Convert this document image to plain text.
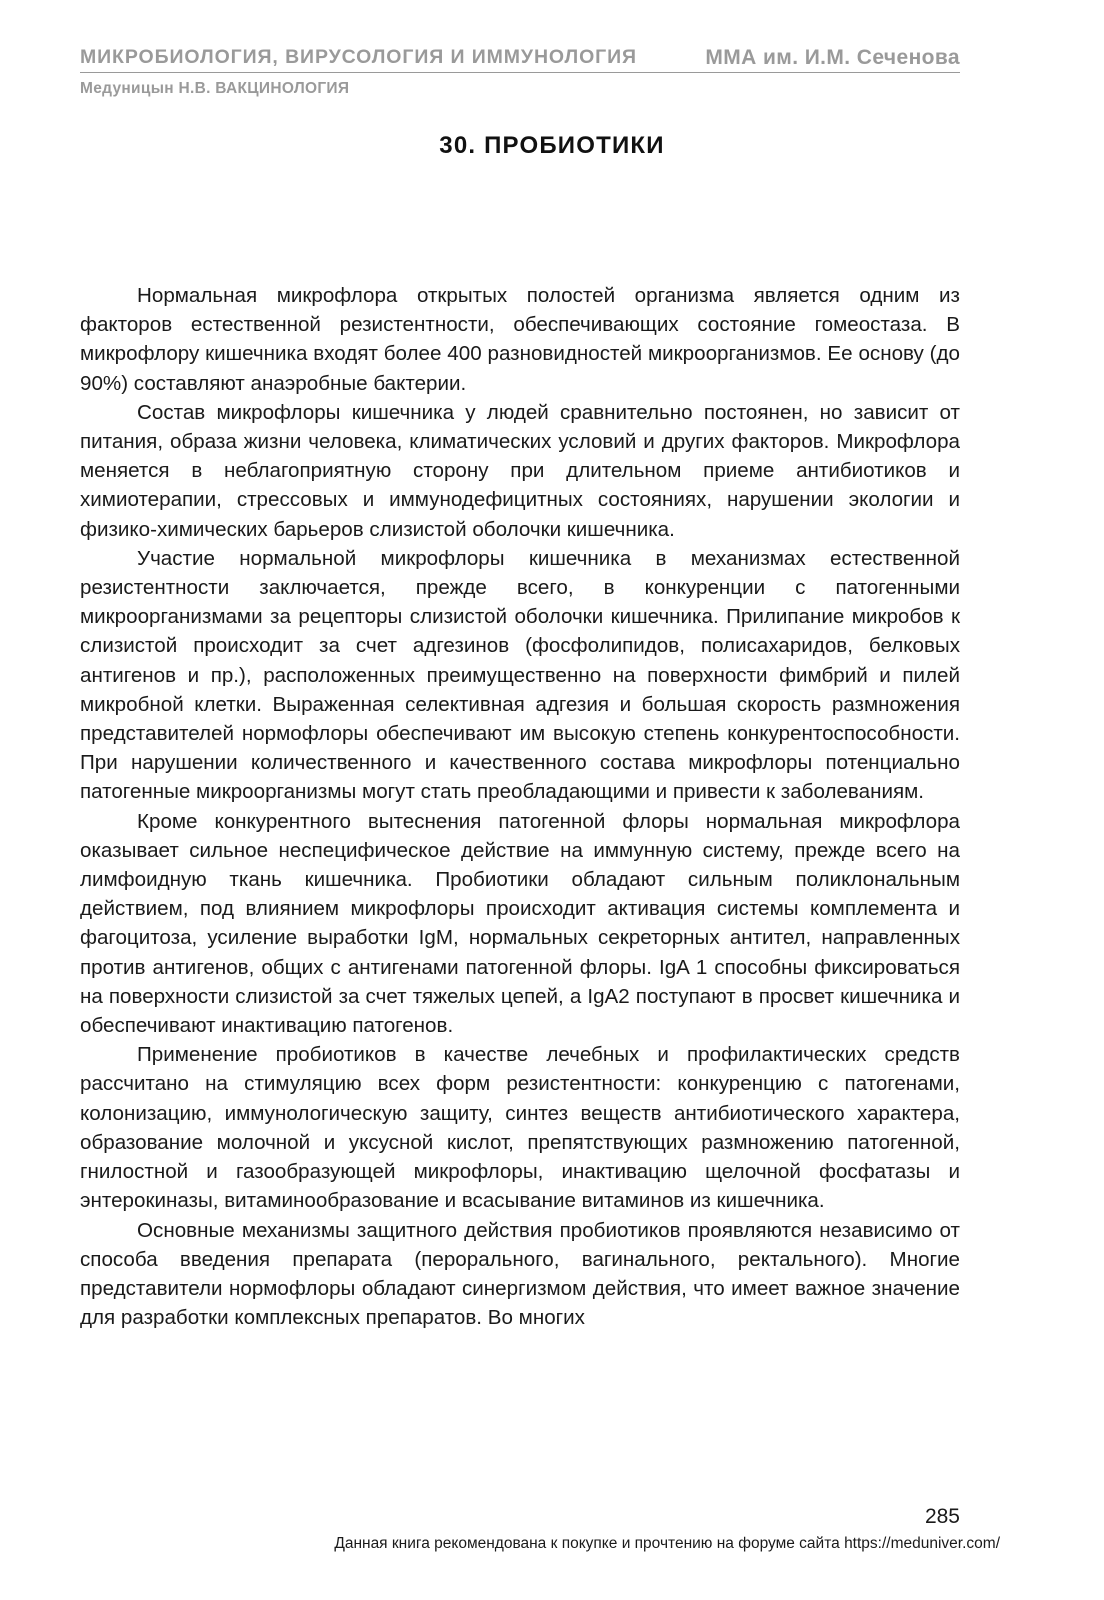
МИКРОБИОЛОГИЯ, ВИРУСОЛОГИЯ И ИММУНОЛОГИЯ	ММА им. И.М. Сеченова
Медуницын Н.В. ВАКЦИНОЛОГИЯ
30. ПРОБИОТИКИ

Нормальная микрофлора открытых полостей организма является одним из факторов естественной резистентности, обеспечивающих состояние гомеостаза. В микрофлору кишечника входят более 400 разновидностей микроорганизмов. Ее основу (до 90%) составляют анаэробные бактерии.

Состав микрофлоры кишечника у людей сравнительно постоянен, но зависит от питания, образа жизни человека, климатических условий и других факторов. Микрофлора меняется в неблагоприятную сторону при длительном приеме антибиотиков и химиотерапии, стрессовых и иммунодефицитных состояниях, нарушении экологии и физико-химических барьеров слизистой оболочки кишечника.

Участие нормальной микрофлоры кишечника в механизмах естественной резистентности заключается, прежде всего, в конкуренции с патогенными микроорганизмами за рецепторы слизистой оболочки кишечника. Прилипание микробов к слизистой происходит за счет адгезинов (фосфолипидов, полисахаридов, белковых антигенов и пр.), расположенных преимущественно на поверхности фимбрий и пилей микробной клетки. Выраженная селективная адгезия и большая скорость размножения представителей нормофлоры обеспечивают им высокую степень конкурентоспособности. При нарушении количественного и качественного состава микрофлоры потенциально патогенные микроорганизмы могут стать преобладающими и привести к заболеваниям.

Кроме конкурентного вытеснения патогенной флоры нормальная микрофлора оказывает сильное неспецифическое действие на иммунную систему, прежде всего на лимфоидную ткань кишечника. Пробиотики обладают сильным поликлональным действием, под влиянием микрофлоры происходит активация системы комплемента и фагоцитоза, усиление выработки IgM, нормальных секреторных антител, направленных против антигенов, общих с антигенами патогенной флоры. IgA 1 способны фиксироваться на поверхности слизистой за счет тяжелых цепей, а IgA2 поступают в просвет кишечника и обеспечивают инактивацию патогенов.

Применение пробиотиков в качестве лечебных и профилактических средств рассчитано на стимуляцию всех форм резистентности: конкуренцию с патогенами, колонизацию, иммунологическую защиту, синтез веществ антибиотического характера, образование молочной и уксусной кислот, препятствующих размножению патогенной, гнилостной и газообразующей микрофлоры, инактивацию щелочной фосфатазы и энтерокиназы, витаминообразование и всасывание витаминов из кишечника.

Основные механизмы защитного действия пробиотиков проявляются независимо от способа введения препарата (перорального, вагинального, ректального). Многие представители нормофлоры обладают синергизмом действия, что имеет важное значение для разработки комплексных препаратов. Во многих

285
Данная книга рекомендована к покупке и прочтению на форуме сайта https://meduniver.com/
